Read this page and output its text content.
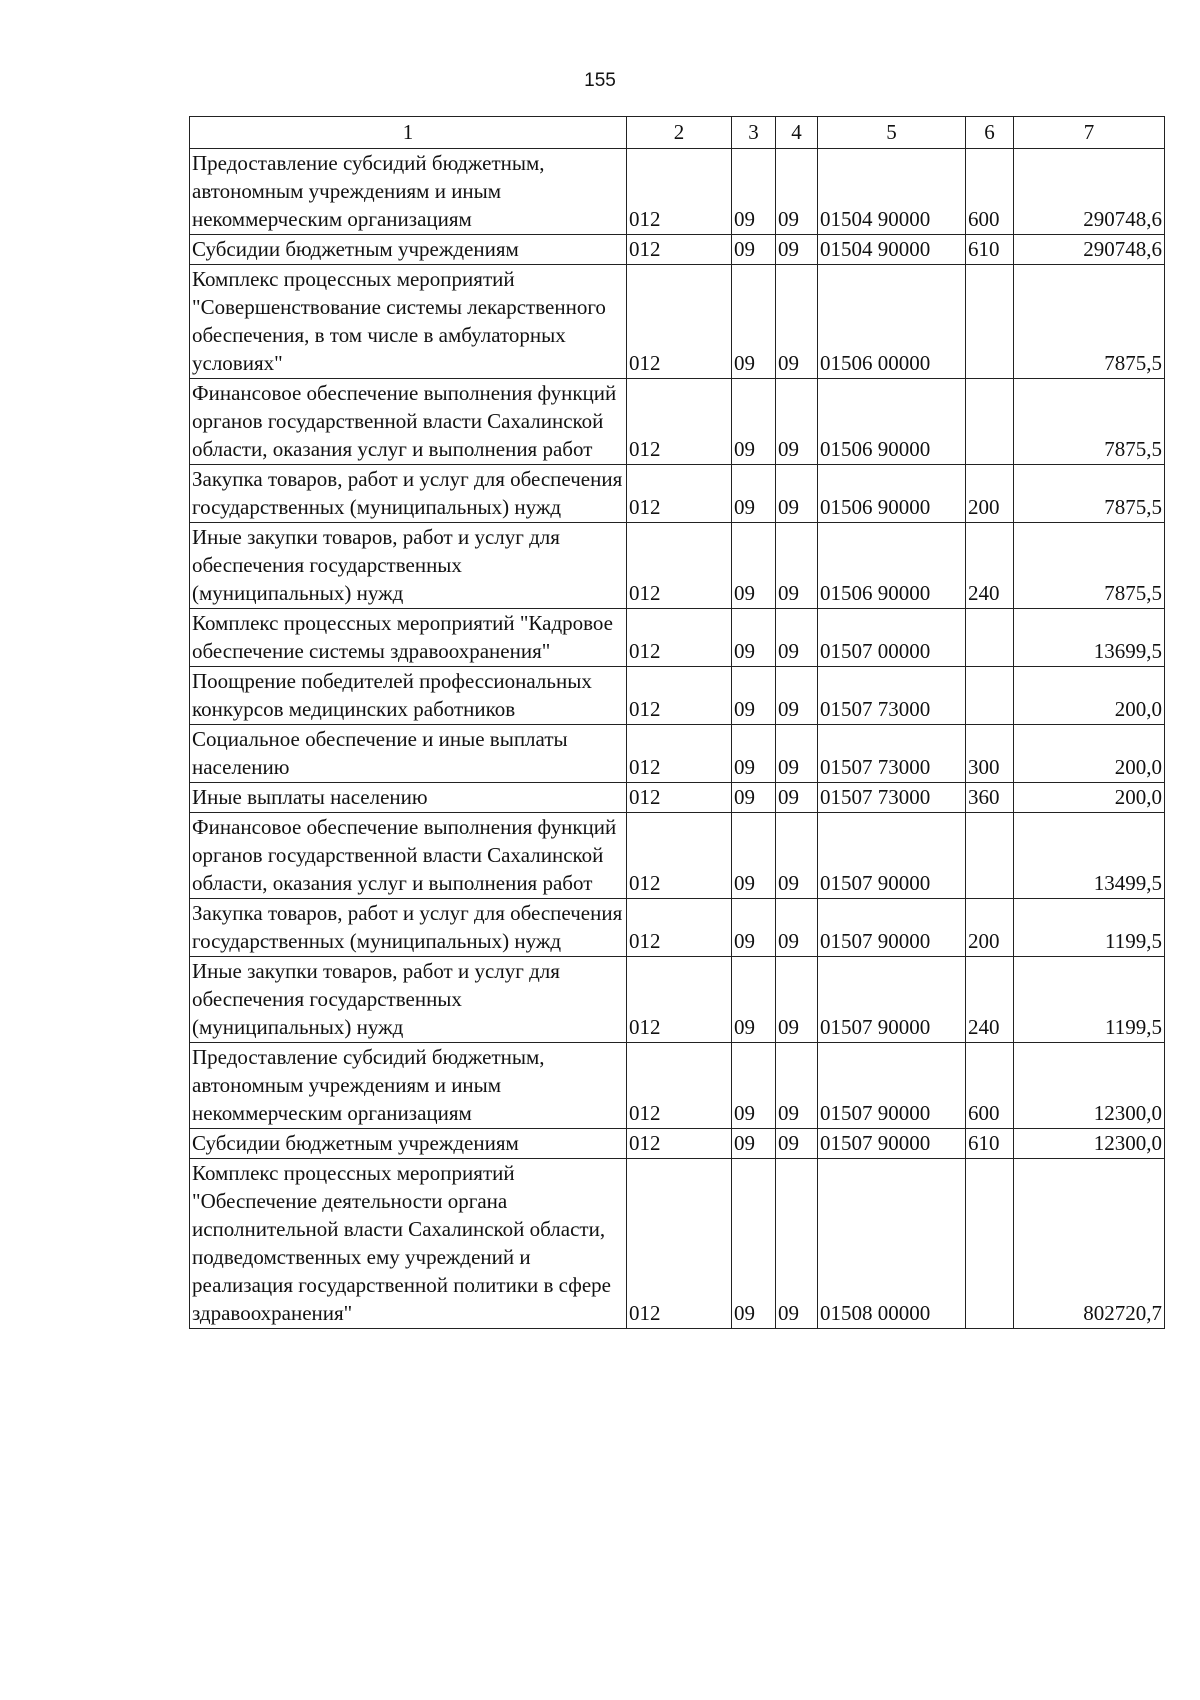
155
1	2	3	4	5	6	7
Предоставление субсидий бюджетным, автономным учреждениям и иным некоммерческим организациям	012	09	09	01504 90000	600	290748,6
Субсидии бюджетным учреждениям	012	09	09	01504 90000	610	290748,6
Комплекс процессных мероприятий "Совершенствование системы лекарственного обеспечения, в том числе в амбулаторных условиях"	012	09	09	01506 00000		7875,5
Финансовое обеспечение выполнения функций органов государственной власти Сахалинской области, оказания услуг и выполнения работ	012	09	09	01506 90000		7875,5
Закупка товаров, работ и услуг для обеспечения государственных (муниципальных) нужд	012	09	09	01506 90000	200	7875,5
Иные закупки товаров, работ и услуг для обеспечения государственных (муниципальных) нужд	012	09	09	01506 90000	240	7875,5
Комплекс процессных мероприятий "Кадровое обеспечение системы здравоохранения"	012	09	09	01507 00000		13699,5
Поощрение победителей профессиональных конкурсов медицинских работников	012	09	09	01507 73000		200,0
Социальное обеспечение и иные выплаты населению	012	09	09	01507 73000	300	200,0
Иные выплаты населению	012	09	09	01507 73000	360	200,0
Финансовое обеспечение выполнения функций органов государственной власти Сахалинской области, оказания услуг и выполнения работ	012	09	09	01507 90000		13499,5
Закупка товаров, работ и услуг для обеспечения государственных (муниципальных) нужд	012	09	09	01507 90000	200	1199,5
Иные закупки товаров, работ и услуг для обеспечения государственных (муниципальных) нужд	012	09	09	01507 90000	240	1199,5
Предоставление субсидий бюджетным, автономным учреждениям и иным некоммерческим организациям	012	09	09	01507 90000	600	12300,0
Субсидии бюджетным учреждениям	012	09	09	01507 90000	610	12300,0
Комплекс процессных мероприятий "Обеспечение деятельности органа исполнительной власти Сахалинской области, подведомственных ему учреждений и реализация государственной политики в сфере здравоохранения"	012	09	09	01508 00000		802720,7
